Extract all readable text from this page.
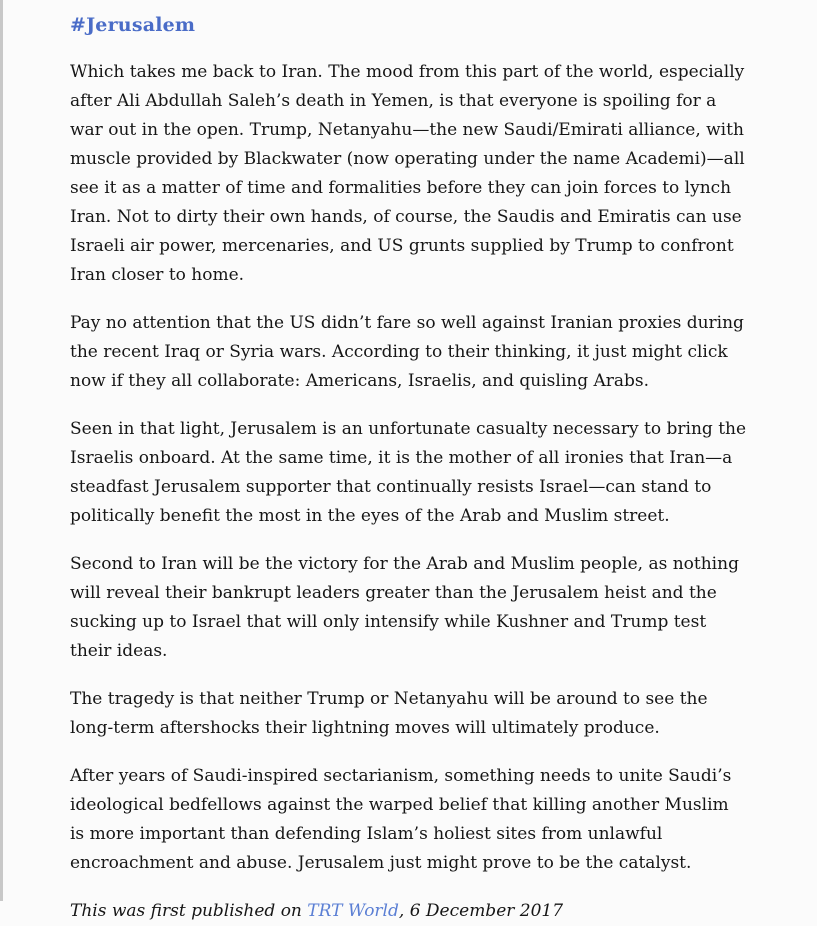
#Jerusalem

Which takes me back to Iran. The mood from this part of the world, especially after Ali Abdullah Saleh’s death in Yemen, is that everyone is spoiling for a war out in the open. Trump, Netanyahu—the new Saudi/Emirati alliance, with muscle provided by Blackwater (now operating under the name Academi)—all see it as a matter of time and formalities before they can join forces to lynch Iran. Not to dirty their own hands, of course, the Saudis and Emiratis can use Israeli air power, mercenaries, and US grunts supplied by Trump to confront Iran closer to home.

Pay no attention that the US didn’t fare so well against Iranian proxies during the recent Iraq or Syria wars. According to their thinking, it just might click now if they all collaborate: Americans, Israelis, and quisling Arabs.

Seen in that light, Jerusalem is an unfortunate casualty necessary to bring the Israelis onboard. At the same time, it is the mother of all ironies that Iran—a steadfast Jerusalem supporter that continually resists Israel—can stand to politically benefit the most in the eyes of the Arab and Muslim street.

Second to Iran will be the victory for the Arab and Muslim people, as nothing will reveal their bankrupt leaders greater than the Jerusalem heist and the sucking up to Israel that will only intensify while Kushner and Trump test their ideas.

The tragedy is that neither Trump or Netanyahu will be around to see the long-term aftershocks their lightning moves will ultimately produce.

After years of Saudi-inspired sectarianism, something needs to unite Saudi’s ideological bedfellows against the warped belief that killing another Muslim is more important than defending Islam’s holiest sites from unlawful encroachment and abuse. Jerusalem just might prove to be the catalyst.

This was first published on TRT World, 6 December 2017
